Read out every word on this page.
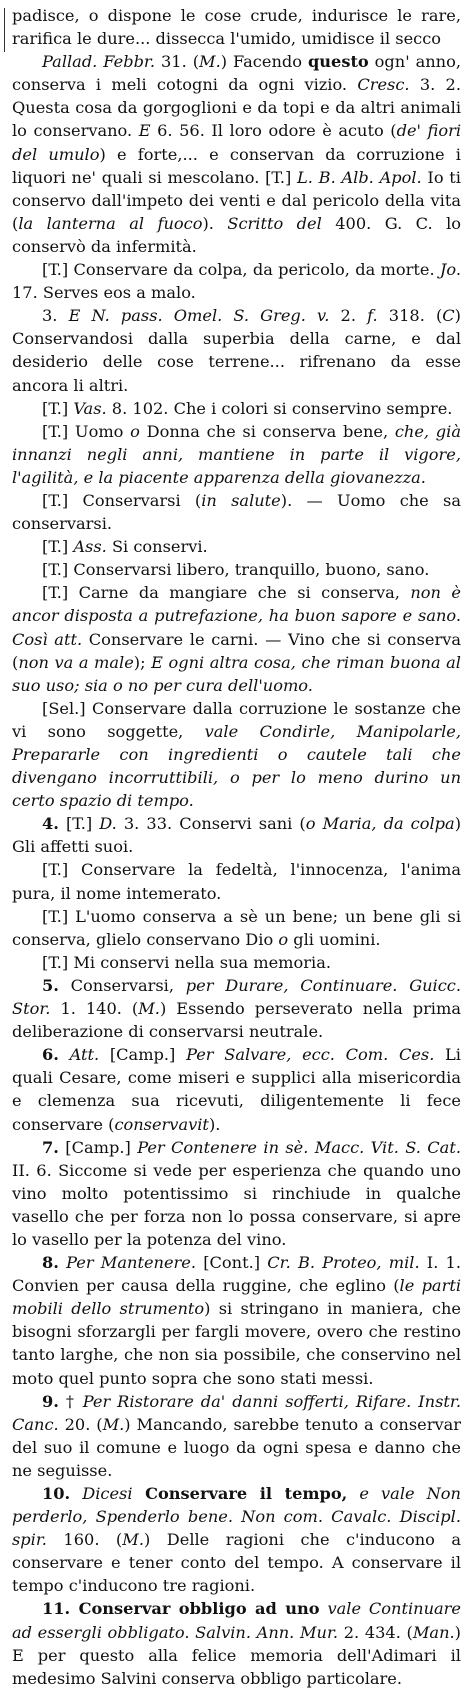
padisce, o dispone le cose crude, indurisce le rare, rarifica le dure... dissecca l'umido, umidisce il secco

Pallad. Febbr. 31. (M.) Facendo questo ogn' anno, conserva i meli cotogni da ogni vizio. Cresc. 3. 2. Questa cosa da gorgoglioni e da topi e da altri animali lo conservano. E 6. 56. Il loro odore è acuto (de' fiori del umulo) e forte,... e conservan da corruzione i liquori ne' quali si mescolano. [T.] L. B. Alb. Apol. Io ti conservo dall'impeto dei venti e dal pericolo della vita (la lanterna al fuoco). Scritto del 400. G. C. lo conservò da infermità.

[T.] Conservare da colpa, da pericolo, da morte. Jo. 17. Serves eos a malo.

3. E N. pass. Omel. S. Greg. v. 2. f. 318. (C) Conservandosi dalla superbia della carne, e dal desiderio delle cose terrene... rifrenano da esse ancora li altri.

[T.] Vas. 8. 102. Che i colori si conservino sempre.

[T.] Uomo o Donna che si conserva bene, che, già innanzi negli anni, mantiene in parte il vigore, l'agilità, e la piacente apparenza della giovanezza.

[T.] Conservarsi (in salute). — Uomo che sa conservarsi.

[T.] Ass. Si conservi.

[T.] Conservarsi libero, tranquillo, buono, sano.

[T.] Carne da mangiare che si conserva, non è ancor disposta a putrefazione, ha buon sapore e sano. Così att. Conservare le carni. — Vino che si conserva (non va a male); E ogni altra cosa, che riman buona al suo uso; sia o no per cura dell'uomo.

[Sel.] Conservare dalla corruzione le sostanze che vi sono soggette, vale Condirle, Manipolarle, Prepararle con ingredienti o cautele tali che divengano incorruttibili, o per lo meno durino un certo spazio di tempo.

4. [T.] D. 3. 33. Conservi sani (o Maria, da colpa) Gli affetti suoi.

[T.] Conservare la fedeltà, l'innocenza, l'anima pura, il nome intemerato.

[T.] L'uomo conserva a sè un bene; un bene gli si conserva, glielo conservano Dio o gli uomini.

[T.] Mi conservi nella sua memoria.

5. Conservarsi, per Durare, Continuare. Guicc. Stor. 1. 140. (M.) Essendo perseverato nella prima deliberazione di conservarsi neutrale.

6. Att. [Camp.] Per Salvare, ecc. Com. Ces. Li quali Cesare, come miseri e supplici alla misericordia e clemenza sua ricevuti, diligentemente li fece conservare (conservavit).

7. [Camp.] Per Contenere in sè. Macc. Vit. S. Cat. II. 6. Siccome si vede per esperienza che quando uno vino molto potentissimo si rinchiude in qualche vasello che per forza non lo possa conservare, si apre lo vasello per la potenza del vino.

8. Per Mantenere. [Cont.] Cr. B. Proteo, mil. I. 1. Convien per causa della ruggine, che eglino (le parti mobili dello strumento) si stringano in maniera, che bisogni sforzargli per fargli movere, overo che restino tanto larghe, che non sia possibile, che conservino nel moto quel punto sopra che sono stati messi.

9. † Per Ristorare da' danni sofferti, Rifare. Instr. Canc. 20. (M.) Mancando, sarebbe tenuto a conservar del suo il comune e luogo da ogni spesa e danno che ne seguisse.

10. Dicesi Conservare il tempo, e vale Non perderlo, Spenderlo bene. Non com. Cavalc. Discipl. spir. 160. (M.) Delle ragioni che c'inducono a conservare e tener conto del tempo. A conservare il tempo c'inducono tre ragioni.

11. Conservar obbligo ad uno vale Continuare ad essergli obbligato. Salvin. Ann. Mur. 2. 434. (Man.) E per questo alla felice memoria dell'Adimari il medesimo Salvini conserva obbligo particolare.
